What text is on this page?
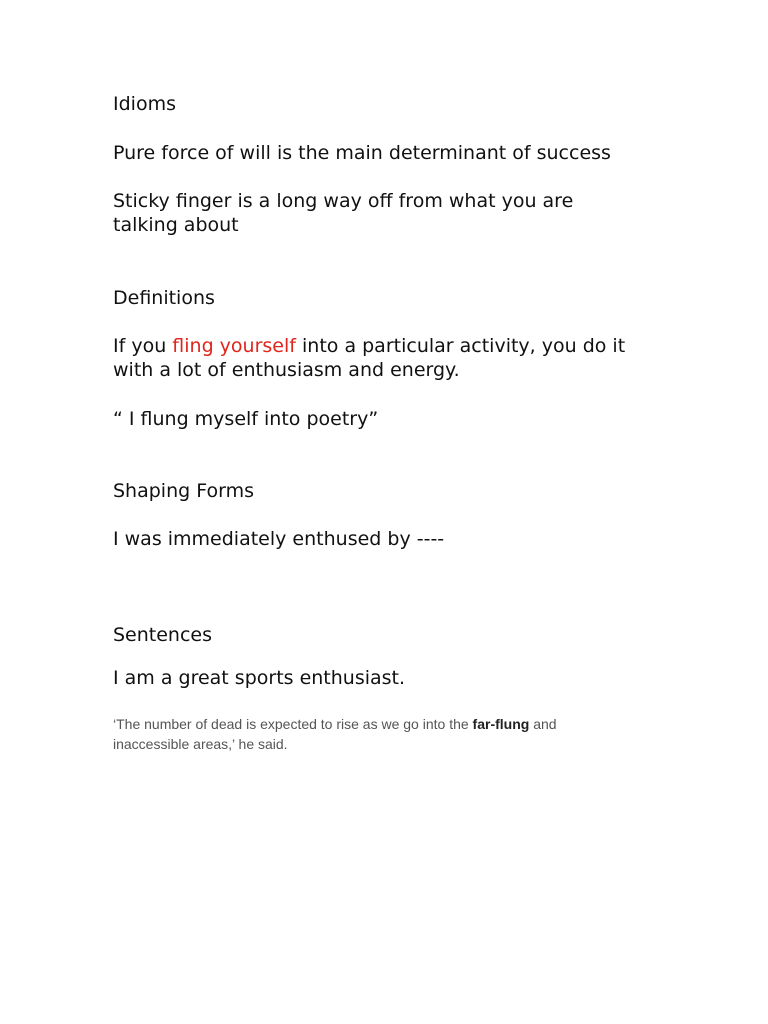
Idioms

Pure force of will is the main determinant of success

Sticky finger is a long way off from what you are

talking about

Definitions

If you fling yourself into a particular activity, you do it

with a lot of enthusiasm and energy.

“ I flung myself into poetry”

Shaping Forms

I was immediately enthused by ----

Sentences

I am a great sports enthusiast.

‘The number of dead is expected to rise as we go into the far-flung and

inaccessible areas,’ he said.
